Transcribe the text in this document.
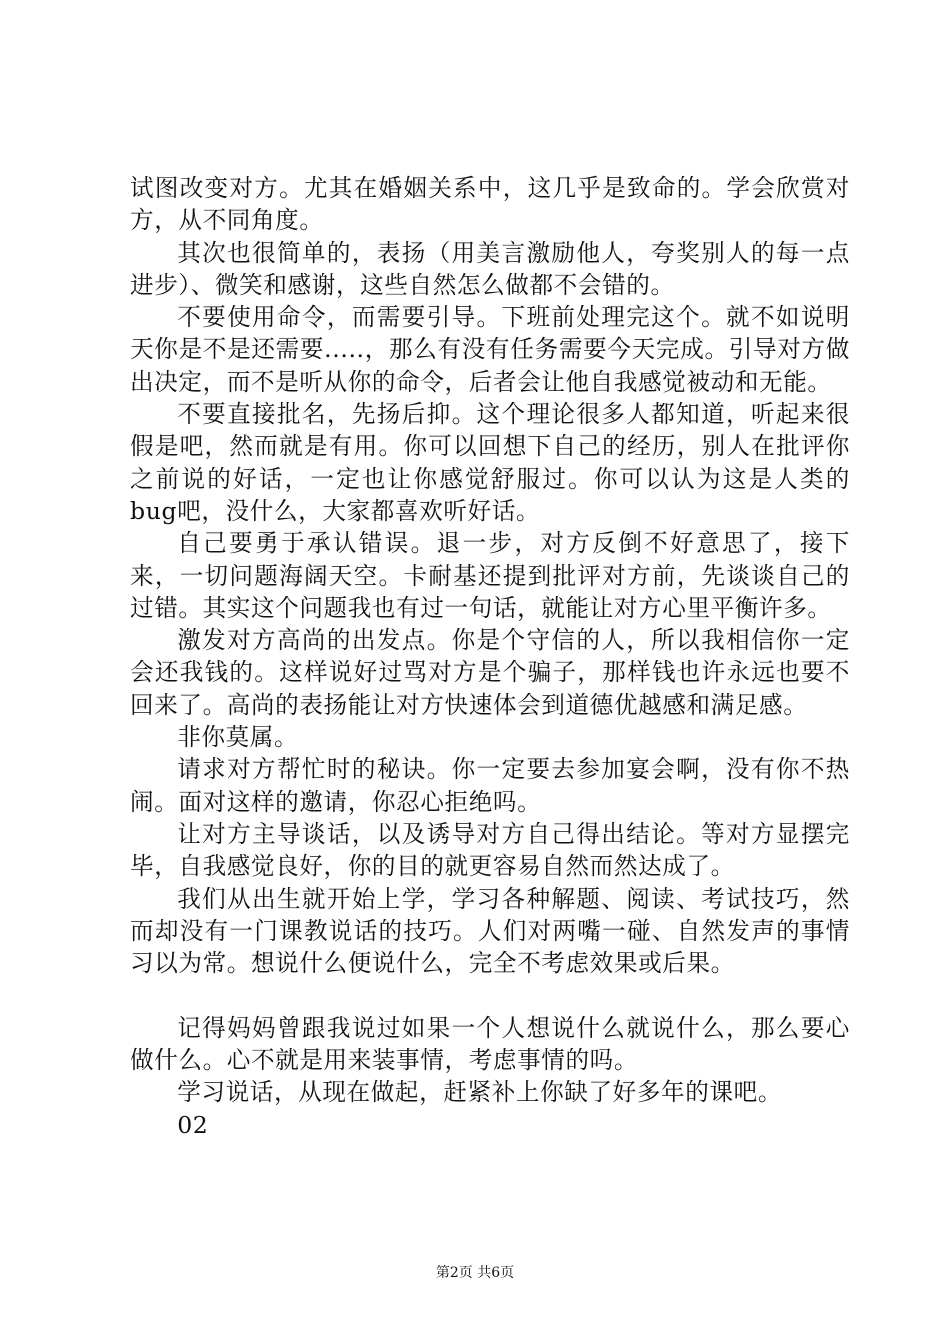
试图改变对方。尤其在婚姻关系中，这几乎是致命的。学会欣赏对方，从不同角度。

其次也很简单的，表扬（用美言激励他人，夸奖别人的每一点进步）、微笑和感谢，这些自然怎么做都不会错的。

不要使用命令，而需要引导。下班前处理完这个。就不如说明天你是不是还需要.....，那么有没有任务需要今天完成。引导对方做出决定，而不是听从你的命令，后者会让他自我感觉被动和无能。

不要直接批名，先扬后抑。这个理论很多人都知道，听起来很假是吧，然而就是有用。你可以回想下自己的经历，别人在批评你之前说的好话，一定也让你感觉舒服过。你可以认为这是人类的bug吧，没什么，大家都喜欢听好话。

自己要勇于承认错误。退一步，对方反倒不好意思了，接下来，一切问题海阔天空。卡耐基还提到批评对方前，先谈谈自己的过错。其实这个问题我也有过一句话，就能让对方心里平衡许多。

激发对方高尚的出发点。你是个守信的人，所以我相信你一定会还我钱的。这样说好过骂对方是个骗子，那样钱也许永远也要不回来了。高尚的表扬能让对方快速体会到道德优越感和满足感。

非你莫属。

请求对方帮忙时的秘诀。你一定要去参加宴会啊，没有你不热闹。面对这样的邀请，你忍心拒绝吗。

让对方主导谈话，以及诱导对方自己得出结论。等对方显摆完毕，自我感觉良好，你的目的就更容易自然而然达成了。

我们从出生就开始上学，学习各种解题、阅读、考试技巧，然而却没有一门课教说话的技巧。人们对两嘴一碰、自然发声的事情习以为常。想说什么便说什么，完全不考虑效果或后果。

记得妈妈曾跟我说过如果一个人想说什么就说什么，那么要心做什么。心不就是用来装事情，考虑事情的吗。

学习说话，从现在做起，赶紧补上你缺了好多年的课吧。

02

第2页 共6页
